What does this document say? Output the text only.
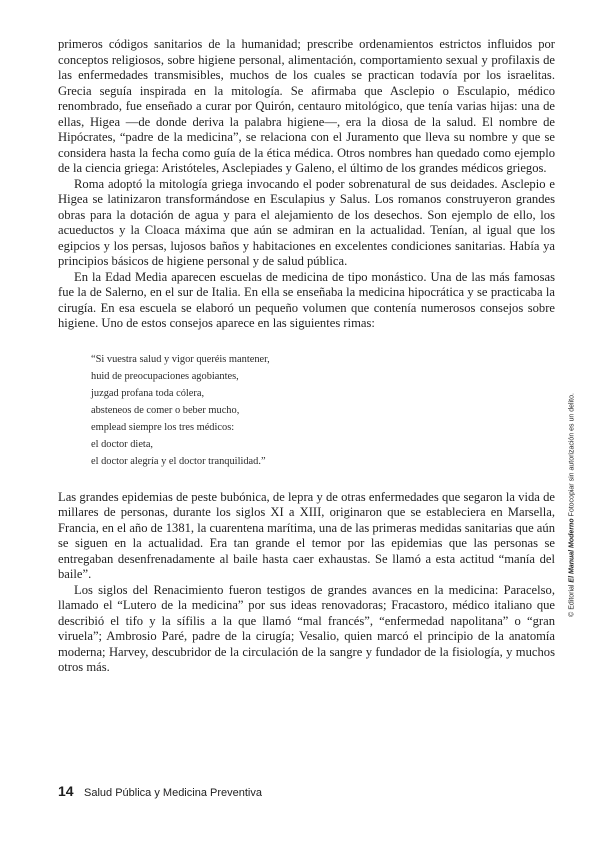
primeros códigos sanitarios de la humanidad; prescribe ordenamientos estrictos influidos por conceptos religiosos, sobre higiene personal, alimentación, comportamiento sexual y profilaxis de las enfermedades transmisibles, muchos de los cuales se practican todavía por los israelitas. Grecia seguía inspirada en la mitología. Se afirmaba que Asclepio o Esculapio, médico renombrado, fue enseñado a curar por Quirón, centauro mitológico, que tenía varias hijas: una de ellas, Higea —de donde deriva la palabra higiene—, era la diosa de la salud. El nombre de Hipócrates, “padre de la medicina”, se relaciona con el Juramento que lleva su nombre y que se considera hasta la fecha como guía de la ética médica. Otros nombres han quedado como ejemplo de la ciencia griega: Aristóteles, Asclepiades y Galeno, el último de los grandes médicos griegos.

Roma adoptó la mitología griega invocando el poder sobrenatural de sus deidades. Asclepio e Higea se latinizaron transformándose en Esculapius y Salus. Los romanos construyeron grandes obras para la dotación de agua y para el alejamiento de los desechos. Son ejemplo de ello, los acueductos y la Cloaca máxima que aún se admiran en la actualidad. Tenían, al igual que los egipcios y los persas, lujosos baños y habitaciones en excelentes condiciones sanitarias. Había ya principios básicos de higiene personal y de salud pública.

En la Edad Media aparecen escuelas de medicina de tipo monástico. Una de las más famosas fue la de Salerno, en el sur de Italia. En ella se enseñaba la medicina hipocrática y se practicaba la cirugía. En esa escuela se elaboró un pequeño volumen que contenía numerosos consejos sobre higiene. Uno de estos consejos aparece en las siguientes rimas:

“Si vuestra salud y vigor queréis mantener,
huid de preocupaciones agobiantes,
juzgad profana toda cólera,
absteneos de comer o beber mucho,
emplead siempre los tres médicos:
el doctor dieta,
el doctor alegría y el doctor tranquilidad.”

Las grandes epidemias de peste bubónica, de lepra y de otras enfermedades que segaron la vida de millares de personas, durante los siglos XI a XIII, originaron que se estableciera en Marsella, Francia, en el año de 1381, la cuarentena marítima, una de las primeras medidas sanitarias que aún se siguen en la actualidad. Era tan grande el temor por las epidemias que las personas se entregaban desenfrenadamente al baile hasta caer exhaustas. Se llamó a esta actitud “manía del baile”.

Los siglos del Renacimiento fueron testigos de grandes avances en la medicina: Paracelso, llamado el “Lutero de la medicina” por sus ideas renovadoras; Fracastoro, médico italiano que describió el tifo y la sífilis a la que llamó “mal francés”, “enfermedad napolitana” o “gran viruela”; Ambrosio Paré, padre de la cirugía; Vesalio, quien marcó el principio de la anatomía moderna; Harvey, descubridor de la circulación de la sangre y fundador de la fisiología, y muchos otros más.

14 Salud Pública y Medicina Preventiva
© Editorial El Manual Moderno Fotocopiar sin autorización es un delito.
